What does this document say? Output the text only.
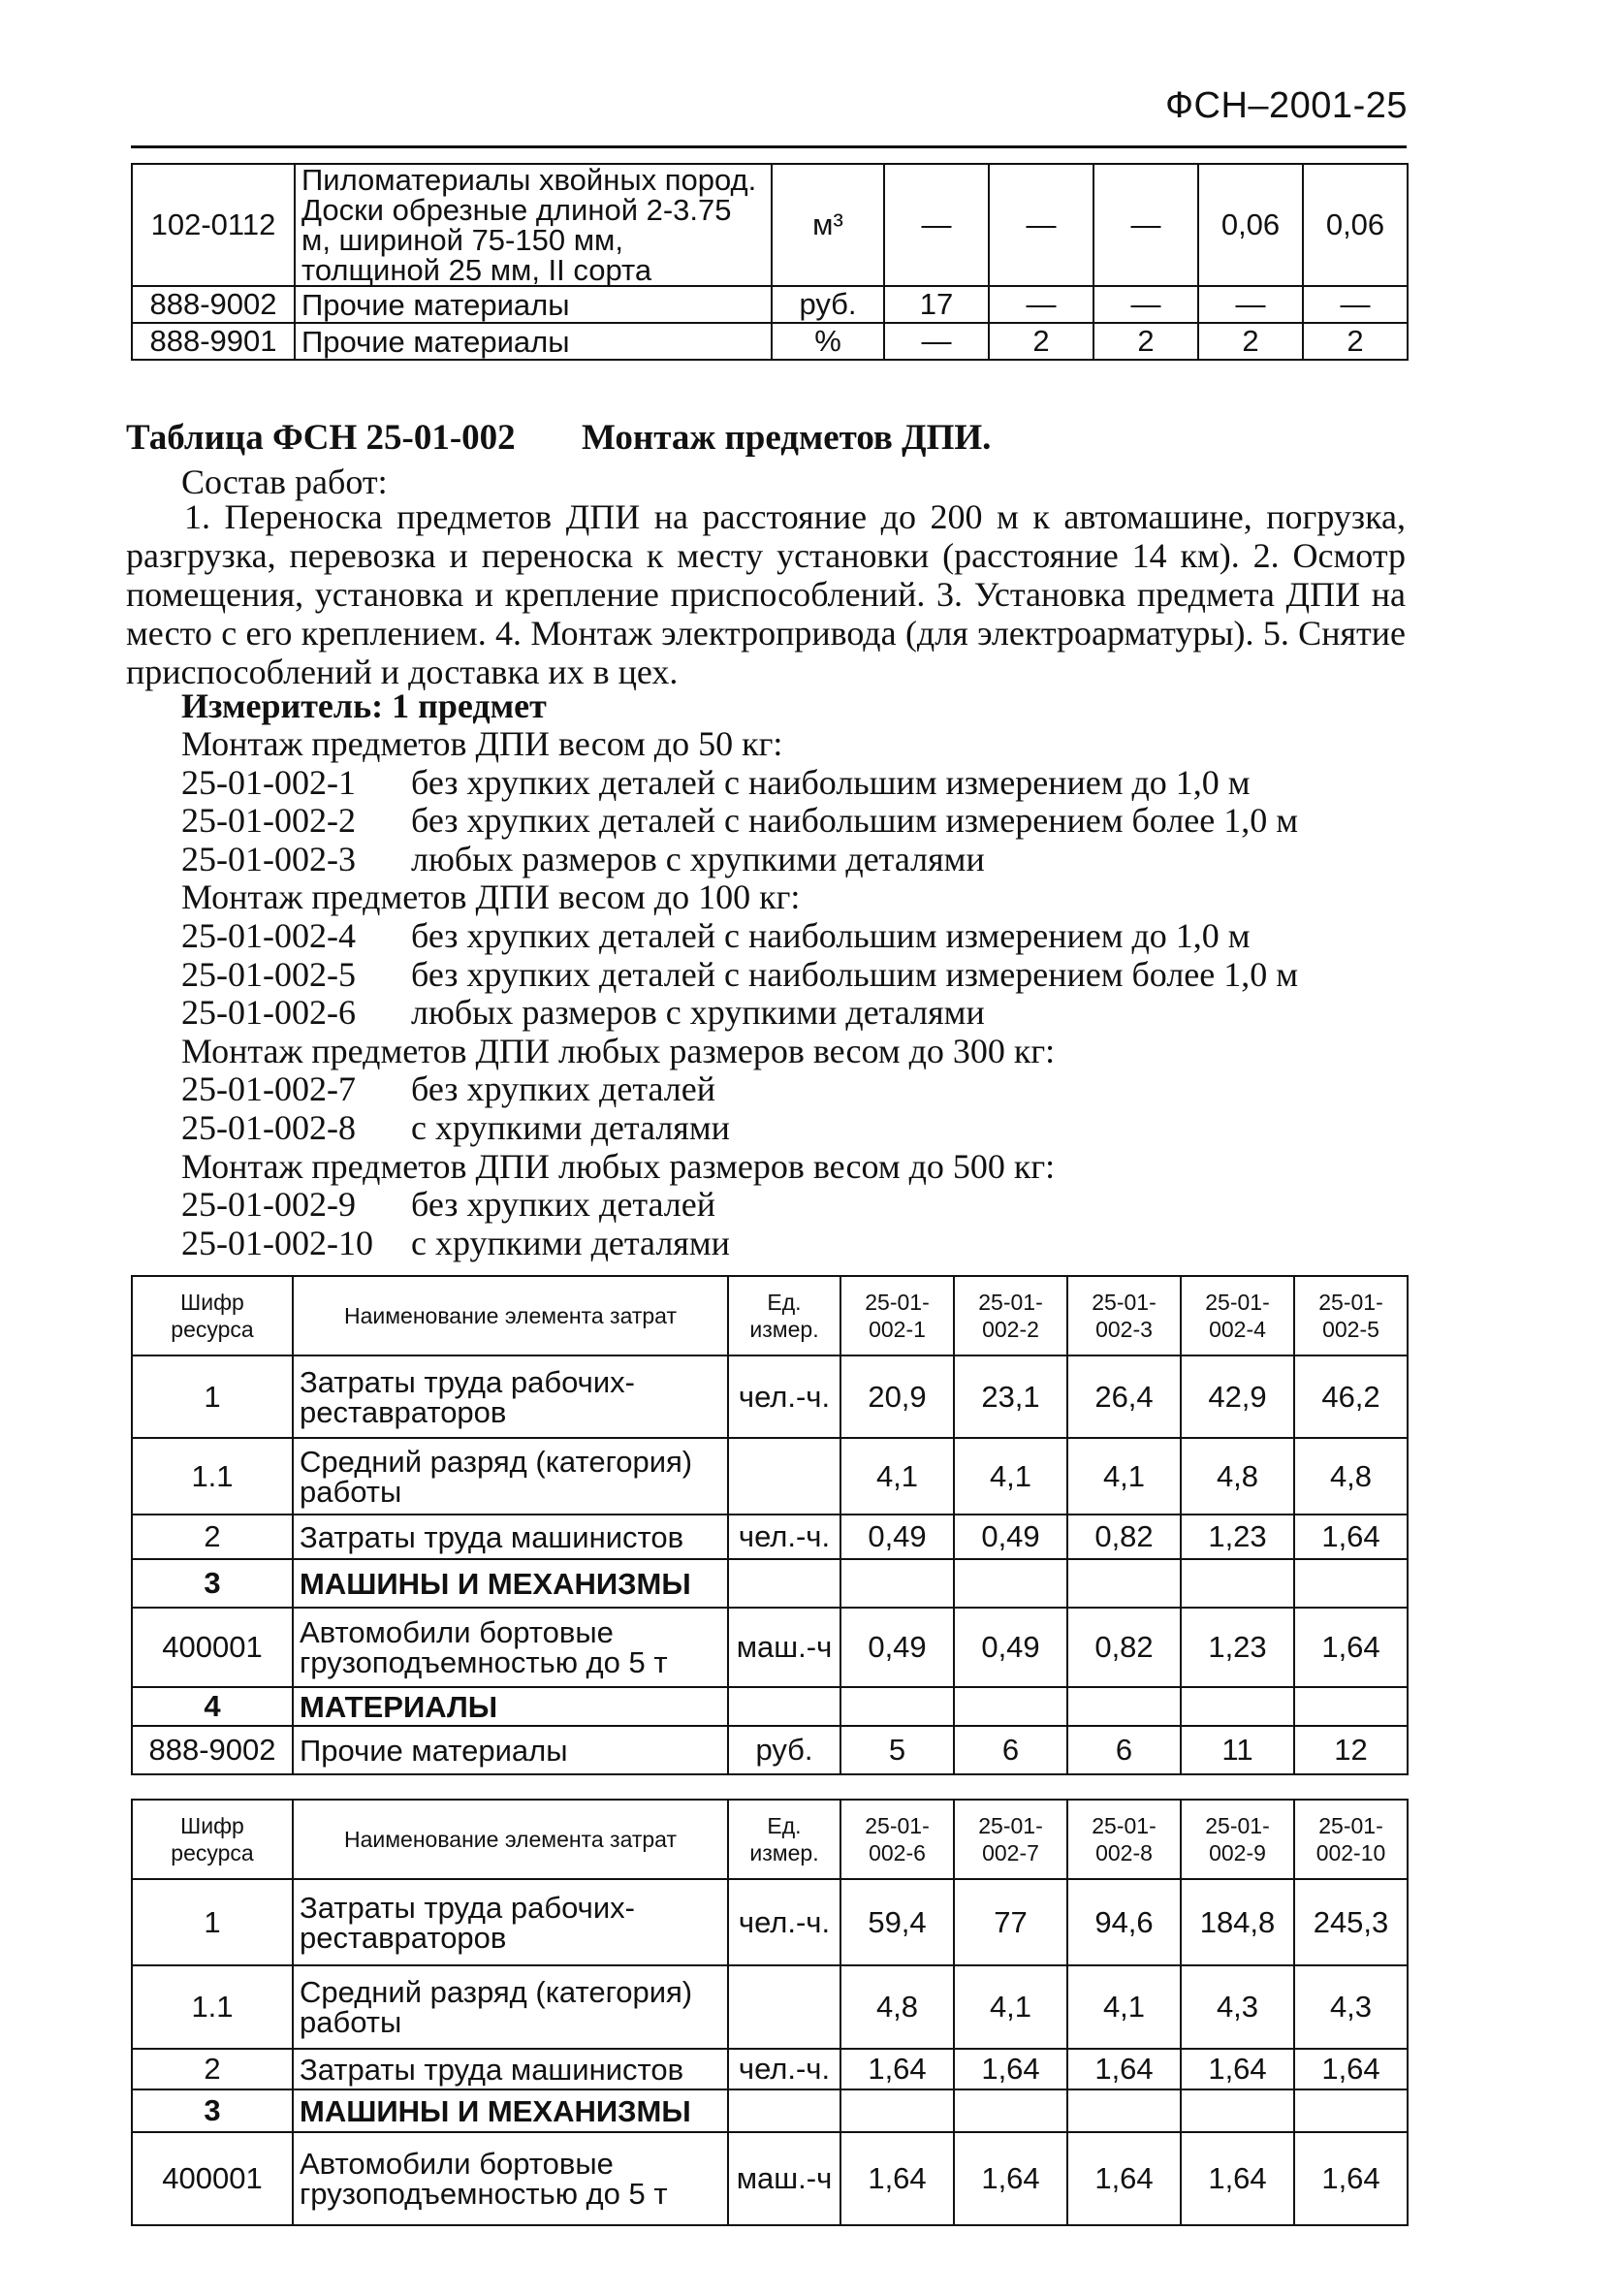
ФСН–2001-25
102-0112	Пиломатериалы хвойных пород. Доски обрезные длиной 2-3.75 м, шириной 75-150 мм, толщиной 25 мм, II сорта	м³	—	—	—	0,06	0,06
888-9002	Прочие материалы	руб.	17	—	—	—	—
888-9901	Прочие материалы	%	—	2	2	2	2
Таблица ФСН 25-01-002 Монтаж предметов ДПИ.
Состав работ:
1. Переноска предметов ДПИ на расстояние до 200 м к автомашине, погрузка, разгрузка, перевозка и переноска к месту установки (расстояние 14 км). 2. Осмотр помещения, установка и крепление приспособлений. 3. Установка предмета ДПИ на место с его креплением. 4. Монтаж электропривода (для электроарматуры). 5. Снятие приспособлений и доставка их в цех.
Измеритель: 1 предмет
Монтаж предметов ДПИ весом до 50 кг:
25-01-002-1	без хрупких деталей с наибольшим измерением до 1,0 м
25-01-002-2	без хрупких деталей с наибольшим измерением более 1,0 м
25-01-002-3	любых размеров с хрупкими деталями
Монтаж предметов ДПИ весом до 100 кг:
25-01-002-4	без хрупких деталей с наибольшим измерением до 1,0 м
25-01-002-5	без хрупких деталей с наибольшим измерением более 1,0 м
25-01-002-6	любых размеров с хрупкими деталями
Монтаж предметов ДПИ любых размеров весом до 300 кг:
25-01-002-7	без хрупких деталей
25-01-002-8	с хрупкими деталями
Монтаж предметов ДПИ любых размеров весом до 500 кг:
25-01-002-9	без хрупких деталей
25-01-002-10	с хрупкими деталями
Шифр ресурса	Наименование элемента затрат	Ед. измер.	25-01-002-1	25-01-002-2	25-01-002-3	25-01-002-4	25-01-002-5
1	Затраты труда рабочих-реставраторов	чел.-ч.	20,9	23,1	26,4	42,9	46,2
1.1	Средний разряд (категория) работы		4,1	4,1	4,1	4,8	4,8
2	Затраты труда машинистов	чел.-ч.	0,49	0,49	0,82	1,23	1,64
3	МАШИНЫ И МЕХАНИЗМЫ						
400001	Автомобили бортовые грузоподъемностью до 5 т	маш.-ч	0,49	0,49	0,82	1,23	1,64
4	МАТЕРИАЛЫ						
888-9002	Прочие материалы	руб.	5	6	6	11	12
Шифр ресурса	Наименование элемента затрат	Ед. измер.	25-01-002-6	25-01-002-7	25-01-002-8	25-01-002-9	25-01-002-10
1	Затраты труда рабочих-реставраторов	чел.-ч.	59,4	77	94,6	184,8	245,3
1.1	Средний разряд (категория) работы		4,8	4,1	4,1	4,3	4,3
2	Затраты труда машинистов	чел.-ч.	1,64	1,64	1,64	1,64	1,64
3	МАШИНЫ И МЕХАНИЗМЫ						
400001	Автомобили бортовые грузоподъемностью до 5 т	маш.-ч	1,64	1,64	1,64	1,64	1,64
